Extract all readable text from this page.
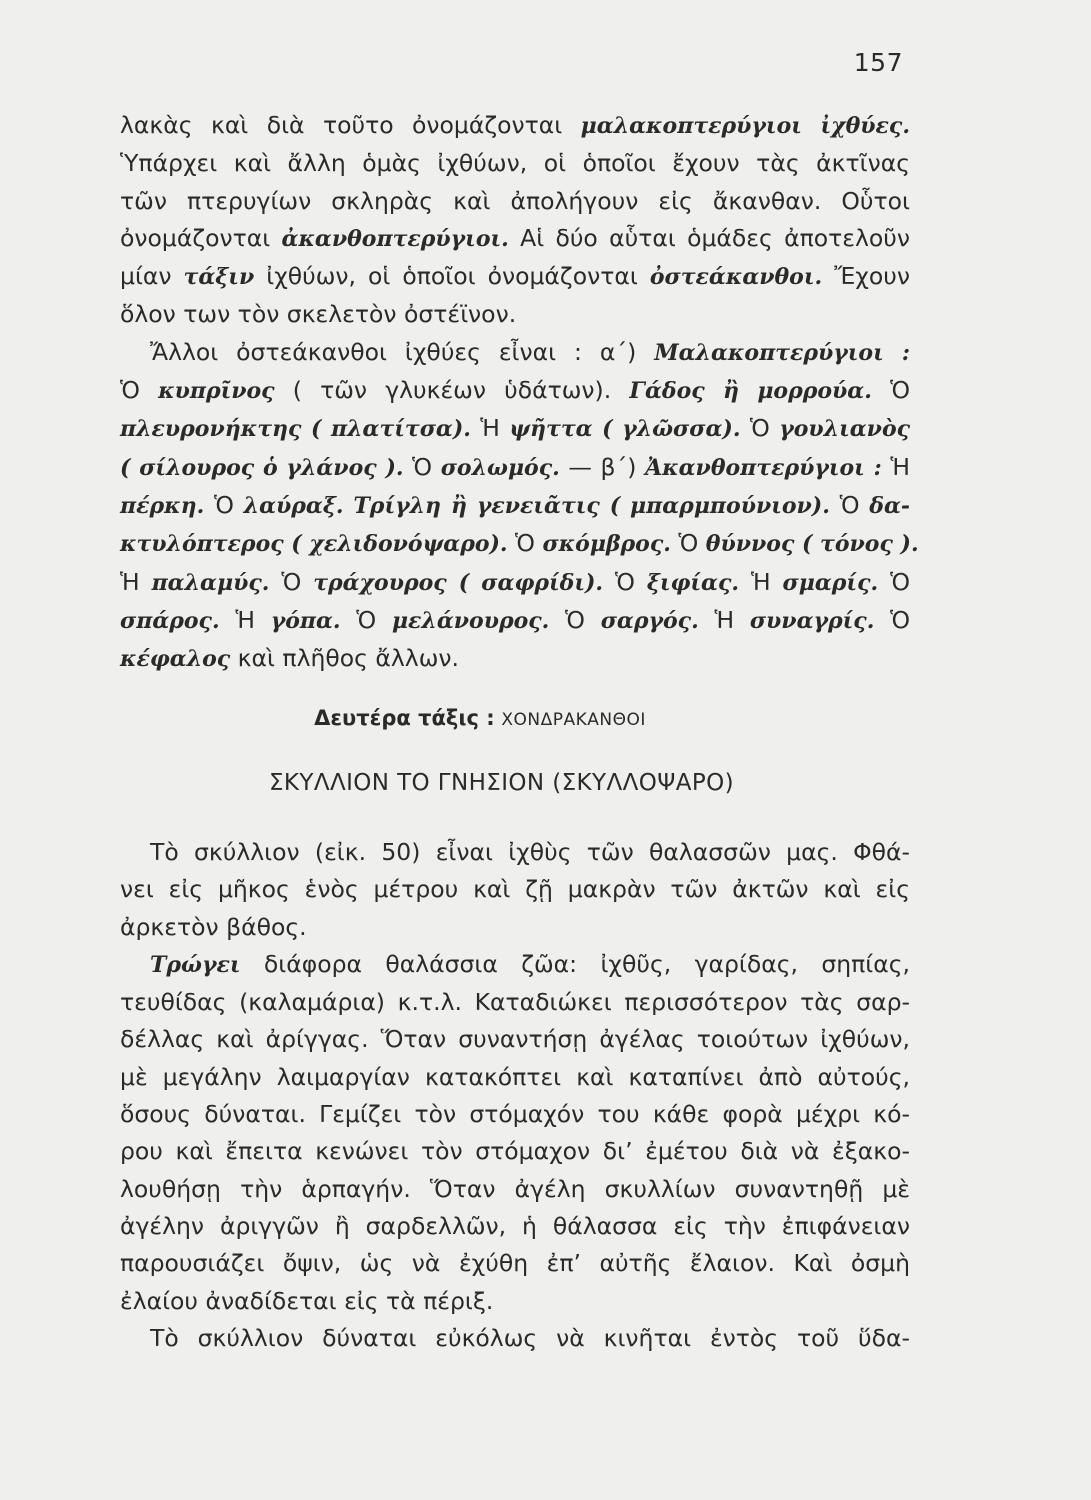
157
λακὰς καὶ διὰ τοῦτο ὀνομάζονται μαλακοπτερύγιοι ἰχθύες.
Ὑπάρχει καὶ ἄλλη ὁμὰς ἰχθύων, οἱ ὁποῖοι ἔχουν τὰς ἀκτῖνας
τῶν πτερυγίων σκληρὰς καὶ ἀπολήγουν εἰς ἄκανθαν. Οὗτοι
ὀνομάζονται ἀκανθοπτερύγιοι. Αἱ δύο αὗται ὁμάδες ἀποτελοῦν
μίαν τάξιν ἰχθύων, οἱ ὁποῖοι ὀνομάζονται ὀστεάκανθοι. Ἔχουν
ὅλον των τὸν σκελετὸν ὀστέϊνον.
Ἄλλοι ὀστεάκανθοι ἰχθύες εἶναι : α΄) Μαλακοπτερύγιοι :
Ὁ κυπρῖνος ( τῶν γλυκέων ὑδάτων). Γάδος ἢ μορρούα. Ὁ
πλευρονήκτης ( πλατίτσα). Ἡ ψῆττα ( γλῶσσα). Ὁ γουλιανὸς
( σίλουρος ὁ γλάνος ). Ὁ σολωμός. — β΄) Ἀκανθοπτερύγιοι : Ἡ
πέρκη. Ὁ λαύραξ. Τρίγλη ἢ γενειᾶτις ( μπαρμπούνιον). Ὁ δα-
κτυλόπτερος ( χελιδονόψαρο). Ὁ σκόμβρος. Ὁ θύννος ( τόνος ).
Ἡ παλαμύς. Ὁ τράχουρος ( σαφρίδι). Ὁ ξιφίας. Ἡ σμαρίς. Ὁ
σπάρος. Ἡ γόπα. Ὁ μελάνουρος. Ὁ σαργός. Ἡ συναγρίς. Ὁ
κέφαλος καὶ πλῆθος ἄλλων.
Δευτέρα τάξις : ΧΟΝΔΡΑΚΑΝΘΟΙ
ΣΚΥΛΛΙΟΝ ΤΟ ΓΝΗΣΙΟΝ (ΣΚΥΛΛΟΨΑΡΟ)
Τὸ σκύλλιον (εἰκ. 50) εἶναι ἰχθὺς τῶν θαλασσῶν μας. Φθά-
νει εἰς μῆκος ἑνὸς μέτρου καὶ ζῇ μακρὰν τῶν ἀκτῶν καὶ εἰς
ἀρκετὸν βάθος.
Τρώγει διάφορα θαλάσσια ζῶα: ἰχθῦς, γαρίδας, σηπίας,
τευθίδας (καλαμάρια) κ.τ.λ. Καταδιώκει περισσότερον τὰς σαρ-
δέλλας καὶ ἀρίγγας. Ὅταν συναντήσῃ ἀγέλας τοιούτων ἰχθύων,
μὲ μεγάλην λαιμαργίαν κατακόπτει καὶ καταπίνει ἀπὸ αὐτούς,
ὅσους δύναται. Γεμίζει τὸν στόμαχόν του κάθε φορὰ μέχρι κό-
ρου καὶ ἔπειτα κενώνει τὸν στόμαχον δι’ ἐμέτου διὰ νὰ ἐξακο-
λουθήσῃ τὴν ἁρπαγήν. Ὅταν ἀγέλη σκυλλίων συναντηθῇ μὲ
ἀγέλην ἀριγγῶν ἢ σαρδελλῶν, ἡ θάλασσα εἰς τὴν ἐπιφάνειαν
παρουσιάζει ὄψιν, ὡς νὰ ἐχύθη ἐπ’ αὐτῆς ἔλαιον. Καὶ ὀσμὴ
ἐλαίου ἀναδίδεται εἰς τὰ πέριξ.
Τὸ σκύλλιον δύναται εὐκόλως νὰ κινῆται ἐντὸς τοῦ ὕδα-
